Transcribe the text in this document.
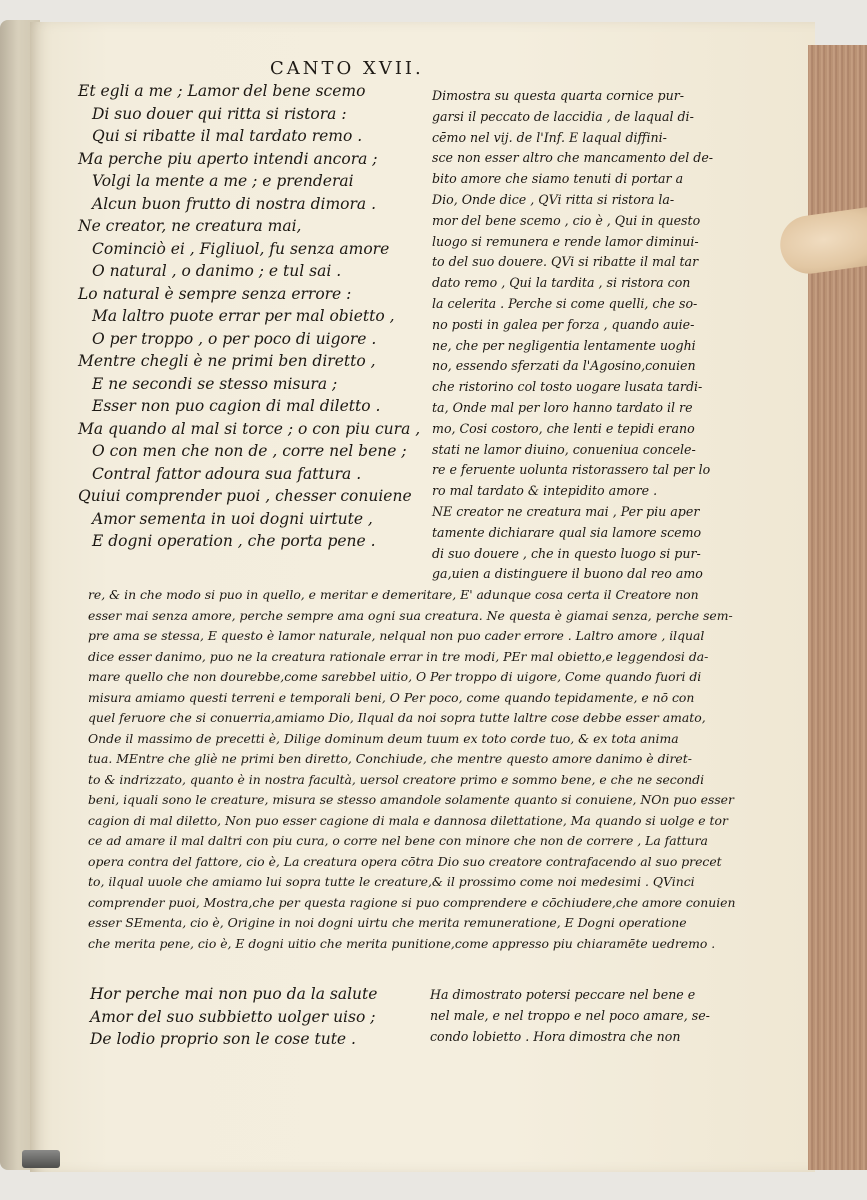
CANTO XVII.
Et egli a me ; Lamor del bene scemo
Di suo douer qui ritta si ristora :
Qui si ribatte il mal tardato remo .
Ma perche piu aperto intendi ancora ;
Volgi la mente a me ; e prenderai
Alcun buon frutto di nostra dimora .
Ne creator, ne creatura mai,
Cominciò ei , Figliuol, fu senza amore
O natural , o danimo ; e tul sai .
Lo natural è sempre senza errore :
Ma laltro puote errar per mal obietto ,
O per troppo , o per poco di uigore .
Mentre chegli è ne primi ben diretto ,
E ne secondi se stesso misura ;
Esser non puo cagion di mal diletto .
Ma quando al mal si torce ; o con piu cura ,
O con men che non de , corre nel bene ;
Contral fattor adoura sua fattura .
Quiui comprender puoi , chesser conuiene
Amor sementa in uoi dogni uirtute ,
E dogni operation , che porta pene .
Dimostra su questa quarta cornice pur-
garsi il peccato de laccidia , de laqual di-
cēmo nel vij. de l'Inf. E laqual diffini-
sce non esser altro che mancamento del de-
bito amore che siamo tenuti di portar a
Dio, Onde dice , QVi ritta si ristora la-
mor del bene scemo , cio è , Qui in questo
luogo si remunera e rende lamor diminui-
to del suo douere. QVi si ribatte il mal tar
dato remo , Qui la tardita , si ristora con
la celerita . Perche si come quelli, che so-
no posti in galea per forza , quando auie-
ne, che per negligentia lentamente uoghi
no, essendo sferzati da l'Agosino,conuien
che ristorino col tosto uogare lusata tardi-
ta, Onde mal per loro hanno tardato il re
mo, Cosi costoro, che lenti e tepidi erano
stati ne lamor diuino, conueniua concele-
re e feruente uolunta ristorassero tal per lo
ro mal tardato & intepidito amore .
NE creator ne creatura mai , Per piu aper
tamente dichiarare qual sia lamore scemo
di suo douere , che in questo luogo si pur-
ga,uien a distinguere il buono dal reo amo
re, & in che modo si puo in quello, e meritar e demeritare, E' adunque cosa certa il Creatore non
esser mai senza amore, perche sempre ama ogni sua creatura. Ne questa è giamai senza, perche sem-
pre ama se stessa, E questo è lamor naturale, nelqual non puo cader errore . Laltro amore , ilqual
dice esser danimo, puo ne la creatura rationale errar in tre modi, PEr mal obietto,e leggendosi da-
mare quello che non dourebbe,come sarebbel uitio, O Per troppo di uigore, Come quando fuori di
misura amiamo questi terreni e temporali beni, O Per poco, come quando tepidamente, e nō con
quel feruore che si conuerria,amiamo Dio, Ilqual da noi sopra tutte laltre cose debbe esser amato,
Onde il massimo de precetti è, Dilige dominum deum tuum ex toto corde tuo, & ex tota anima
tua. MEntre che gliè ne primi ben diretto, Conchiude, che mentre questo amore danimo è diret-
to & indrizzato, quanto è in nostra facultà, uersol creatore primo e sommo bene, e che ne secondi
beni, iquali sono le creature, misura se stesso amandole solamente quanto si conuiene, NOn puo esser
cagion di mal diletto, Non puo esser cagione di mala e dannosa dilettatione, Ma quando si uolge e tor
ce ad amare il mal daltri con piu cura, o corre nel bene con minore che non de correre , La fattura
opera contra del fattore, cio è, La creatura opera cōtra Dio suo creatore contrafacendo al suo precet
to, ilqual uuole che amiamo lui sopra tutte le creature,& il prossimo come noi medesimi . QVinci
comprender puoi, Mostra,che per questa ragione si puo comprendere e cōchiudere,che amore conuien
esser SEmenta, cio è, Origine in noi dogni uirtu che merita remuneratione, E Dogni operatione
che merita pene, cio è, E dogni uitio che merita punitione,come appresso piu chiaramēte uedremo .
Hor perche mai non puo da la salute
Amor del suo subbietto uolger uiso ;
De lodio proprio son le cose tute .
Ha dimostrato potersi peccare nel bene e
nel male, e nel troppo e nel poco amare, se-
condo lobietto . Hora dimostra che non
